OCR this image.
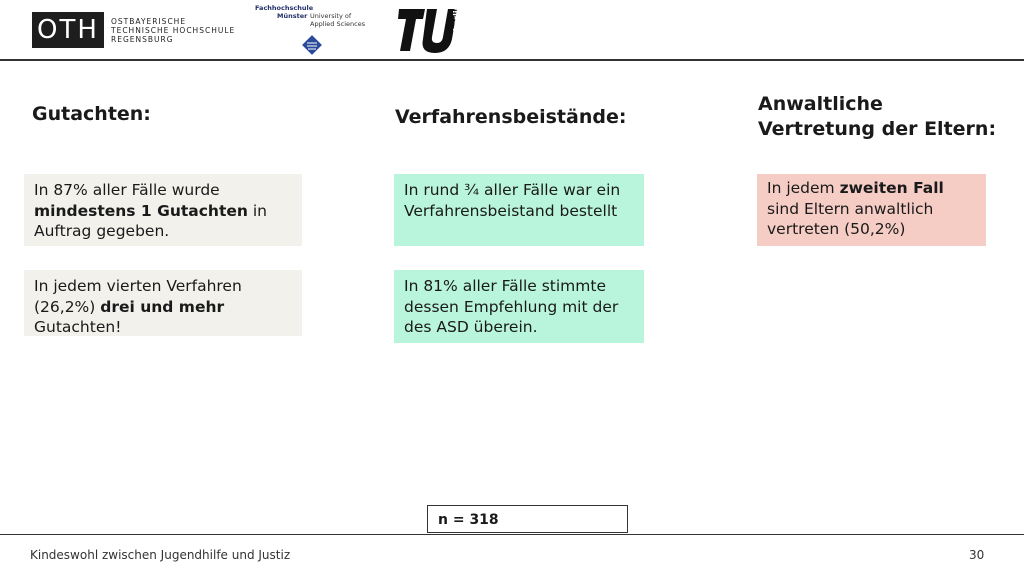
OTH	OSTBAYERISCHE
TECHNISCHE HOCHSCHULE
REGENSBURG
Fachhochschule
Münster University of
Applied Sciences	berlin
Gutachten:
In 87% aller Fälle wurde mindestens 1 Gutachten in Auftrag gegeben.
In jedem vierten Verfahren (26,2%) drei und mehr Gutachten!
Verfahrensbeistände:
In rund ¾ aller Fälle war ein Verfahrensbeistand bestellt
In 81% aller Fälle stimmte dessen Empfehlung mit der des ASD überein.
Anwaltliche
Vertretung der Eltern:
In jedem zweiten Fall sind Eltern anwaltlich vertreten (50,2%)
n = 318
Kindeswohl zwischen Jugendhilfe und Justiz	30
